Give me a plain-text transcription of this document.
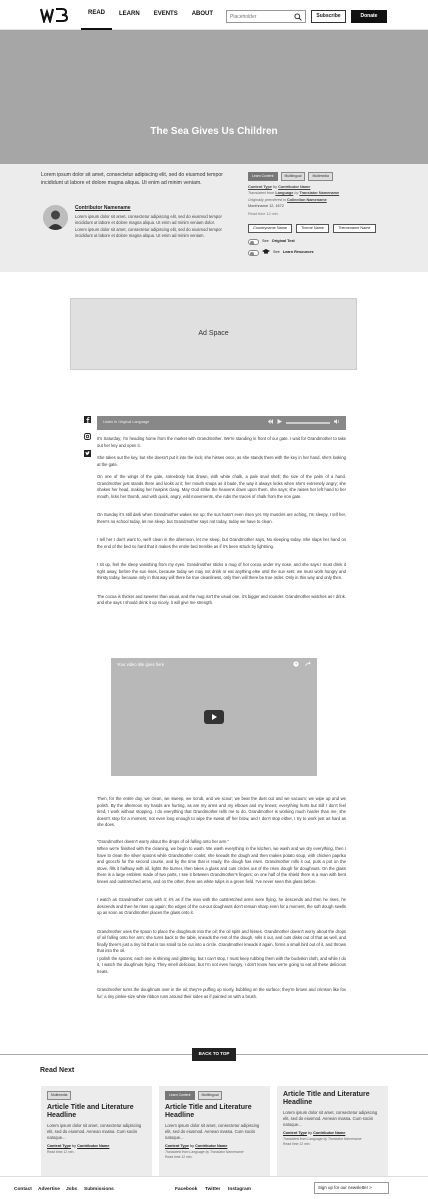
READ	LEARN	EVENTS	ABOUT
Placeholder	Subscribe	Donate
The Sea Gives Us Children
Lorem ipsum dolor sit amet, consectetur adipiscing elit, sed do eiusmod tempor incididunt ut labore et dolore magna aliqua. Ut enim ad minim veniam.
Contributor Namename
Lorem ipsum dolor sit amet, consectetur adipiscing elit, sed do eiusmod tempor incididunt ut labore et dolore magna aliqua. Ut enim ad minim veniam dolor. Lorem ipsum dolor sit amet, consectetur adipiscing elit, sed do eiusmod tempor incididunt ut labore et dolore magna aliqua. Ut enim ad minim veniam.
Learn Content	Multilingual	Multimedia
Content Type by Contributor Name
Translated from Language by Translator Namename
Originally premiered in Collection Namename
Monthname 12, 1672
Read time 12 min.
Countryname Name	Theme Name	Themename Name
See Original Text
See Learn Resources
Ad Space
Listen in Original Language

It's Saturday; I'm heading home from the market with Grandmother. We're standing in front of our gate. I wait for Grandmother to take out her key and open it.

She takes out the key, but she doesn't put it into the lock; she hisses once, as she stands there with the key in her hand, she's looking at the gate.

On one of the wings of the gate, somebody has drawn, with white chalk, a pale snail shell; the size of the palm of a hand. Grandmother just stands there and looks at it; her mouth snaps as it bade, the way it always looks when she's extremely angry; she shakes her head, making her hairpins clang. May God strike the heavens down upon them, she says; she raises her left hand to her mouth, licks her thumb, and with quick, angry, wild movements, she rubs the traces of chalk from the iron gate.

On Sunday it's still dark when Grandmother wakes me up; the sun hasn't even risen yet. My muscles are aching, I'm sleepy, I tell her, there's no school today, let me sleep, but Grandmother says not today, today we have to clean.

I tell her I don't want to, we'll clean in the afternoon, let me sleep, but Grandmother says, No sleeping today. She slaps her hand on the end of the bed so hard that it makes the entire bed tremble as if it's been struck by lightning.

I sit up, feel the sleep vanishing from my eyes. Grandmother sticks a mug of hot cocoa under my nose, and she says I must drink it right away, before the sun rises, because today we may not drink or eat anything else until the sun sets; we must work hungry and thirsty today, because only in that way will there be true cleanliness, only then will there be true order. Only in this way and only then.

The cocoa is thicker and sweeter than usual, and the mug isn't the usual one, it's bigger and rounder. Grandmother watches as I drink, and she says I should drink it up nicely, it will give me strength.

Your video title goes here

Then, for the entire day, we clean, we sweep, we scrub, and we scour; we beat the dust out and we vacuum; we wipe up and we polish. By the afternoon my hands are hurting, as are my arms and my elbows and my knees; everything hurts but still I don't feel tired, I work without stopping. I do everything that Grandmother tells me to do. Grandmother is working much harder than me, she doesn't stop for a moment, not even long enough to wipe the sweat off her brow, and I don't stop either, I try to work just as hard as she does.

"Grandmother doesn't worry about the drops of oil falling onto her arm."

When we're finished with the cleaning, we begin to wash. We wash everything in the kitchen, we wash and we dry everything, then I have to clean the silver spoons while Grandmother cooks; she kneads the dough and then makes potato soup, with chicken paprika and gnocchi for the second course, and by the time that is ready, the dough has risen. Grandmother rolls it out, puts a pot on the stove, fills it halfway with oil, lights the burner, then takes a glass and cuts circles out of the risen dough for doughnuts. On the glass there is a large emblem made of two parts, I see it between Grandmother's fingers; on one half of the shield there is a man with bent knees and outstretched arms, and on the other, there are white tulips in a green field. I've never seen this glass before.

I watch as Grandmother cuts with it; it's as if the man with the outstretched arms were flying, he descends and then he rises, he descends and then he rises up again; the edges of the cut-out doughnuts don't remain sharp even for a moment, the soft dough swells up as soon as Grandmother places the glass onto it.

Grandmother uses the spoon to place the doughnuts into the oil; the oil spits and hisses. Grandmother doesn't worry about the drops of oil falling onto her arm; she turns back to the table, kneads the rest of the dough, rolls it out, and cuts disks out of that as well, and finally there's just a tiny bit that is too small to be cut into a circle. Grandmother kneads it again, forms a small bird out of it, and throws that into the oil.

I polish the spoons; each one is shining and glittering, but I can't stop, I must keep rubbing them with the buckskin cloth, and while I do it, I watch the doughnuts frying. They smell delicious, but I'm not even hungry, I don't know how we're going to eat all these delicious treats.

Grandmother turns the doughnuts over in the oil; they're puffing up nicely, bubbling on the surface; they're brown and crimson like fox fur; a tiny pinkie-size white ribbon runs around their sides as if painted on with a brush.

BACK TO TOP
Read Next
Multimedia
Article Title and Literature Headline
Lorem ipsum dolor sit amet, consectetur adipiscing elit, sed do eiusmod. Aenean massa. Cum sociis natoque...
Content Type by Contributor Name
Read time 12 min.
Learn Content	Multilingual
Article Title and Literature Headline
Lorem ipsum dolor sit amet, consectetur adipiscing elit, sed do eiusmod. Aenean massa. Cum sociis natoque...
Content Type by Contributor Name
Translated from Language by Translator Namename
Read time 12 min.
Article Title and Literature Headline
Lorem ipsum dolor sit amet, consectetur adipiscing elit, sed do eiusmod. Aenean massa. Cum sociis natoque...
Content Type by Contributor Name
Translated from Language by Translator Namename
Read time 12 min.
Contact Advertise Jobs Submissions	Facebook Twitter Instagram	Sign up for our newsletter >
